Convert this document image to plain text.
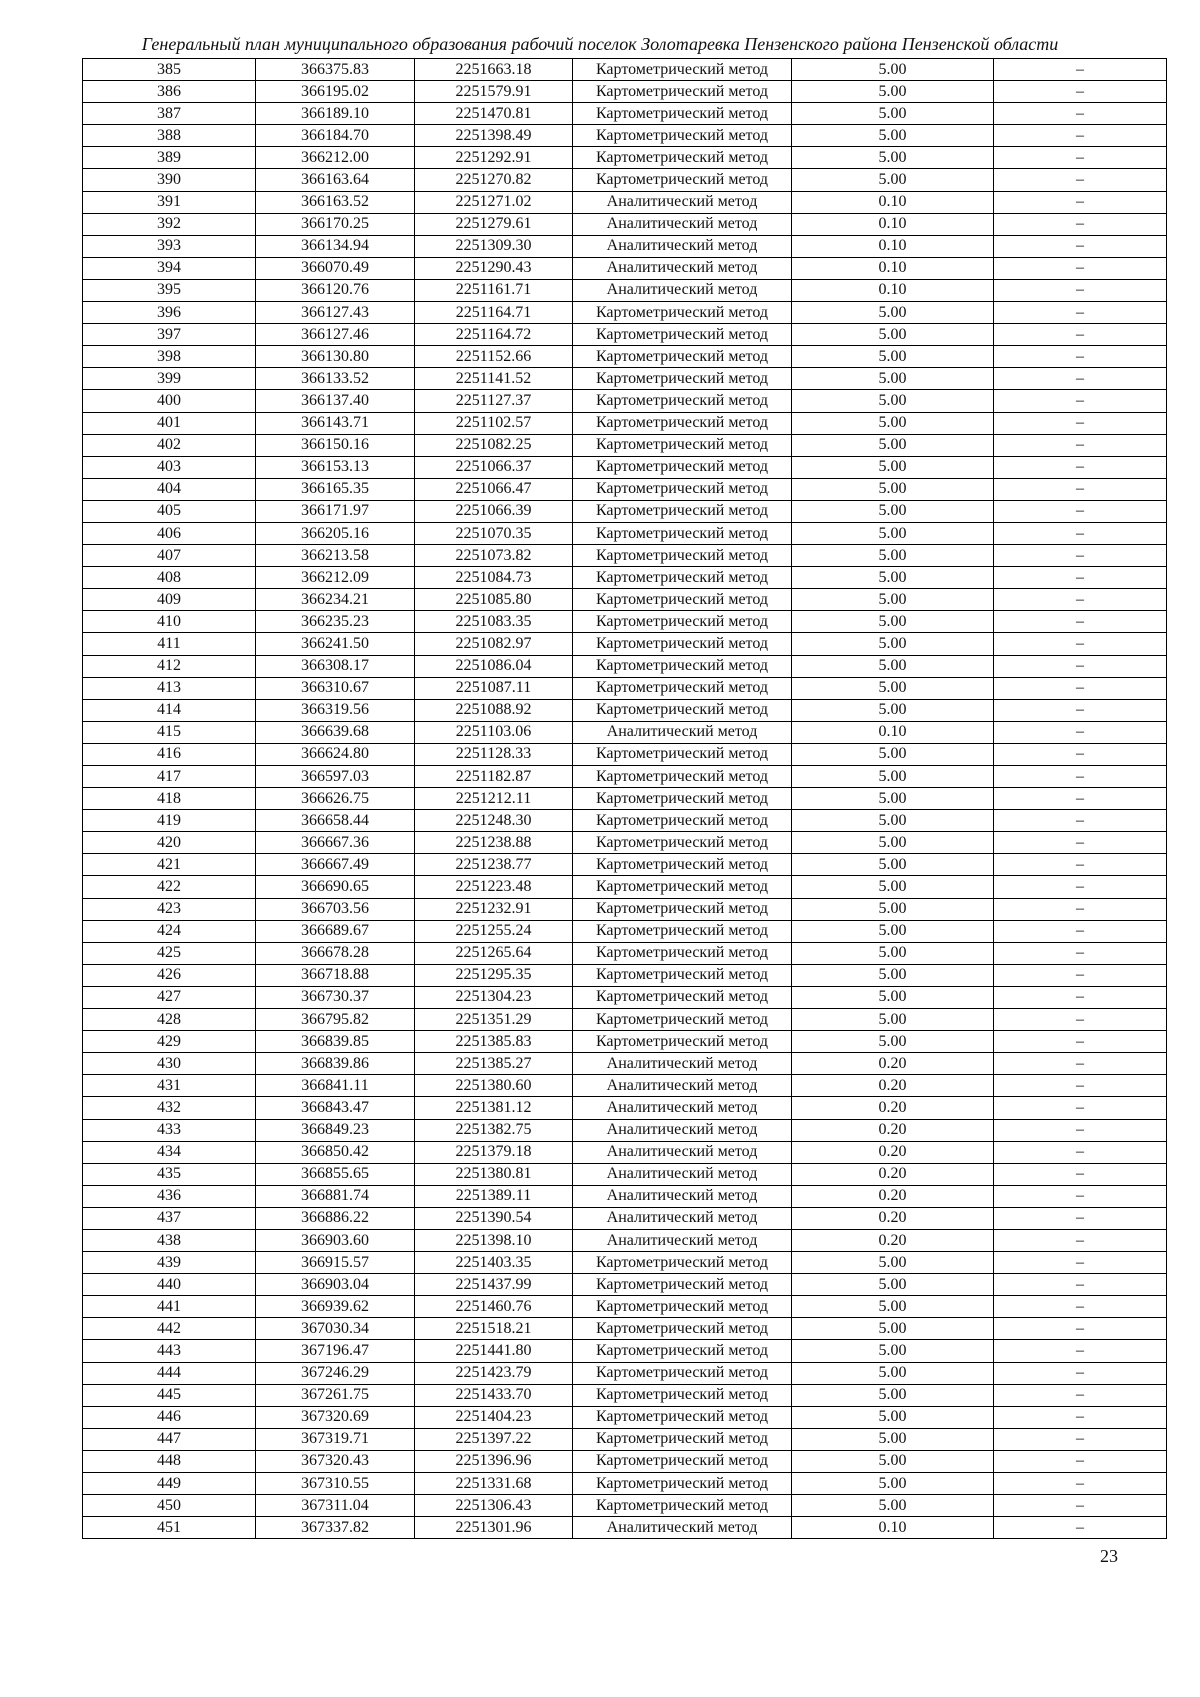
Генеральный план муниципального образования рабочий поселок Золотаревка Пензенского района Пензенской области
385	366375.83	2251663.18	Картометрический метод	5.00	–
386	366195.02	2251579.91	Картометрический метод	5.00	–
387	366189.10	2251470.81	Картометрический метод	5.00	–
388	366184.70	2251398.49	Картометрический метод	5.00	–
389	366212.00	2251292.91	Картометрический метод	5.00	–
390	366163.64	2251270.82	Картометрический метод	5.00	–
391	366163.52	2251271.02	Аналитический метод	0.10	–
392	366170.25	2251279.61	Аналитический метод	0.10	–
393	366134.94	2251309.30	Аналитический метод	0.10	–
394	366070.49	2251290.43	Аналитический метод	0.10	–
395	366120.76	2251161.71	Аналитический метод	0.10	–
396	366127.43	2251164.71	Картометрический метод	5.00	–
397	366127.46	2251164.72	Картометрический метод	5.00	–
398	366130.80	2251152.66	Картометрический метод	5.00	–
399	366133.52	2251141.52	Картометрический метод	5.00	–
400	366137.40	2251127.37	Картометрический метод	5.00	–
401	366143.71	2251102.57	Картометрический метод	5.00	–
402	366150.16	2251082.25	Картометрический метод	5.00	–
403	366153.13	2251066.37	Картометрический метод	5.00	–
404	366165.35	2251066.47	Картометрический метод	5.00	–
405	366171.97	2251066.39	Картометрический метод	5.00	–
406	366205.16	2251070.35	Картометрический метод	5.00	–
407	366213.58	2251073.82	Картометрический метод	5.00	–
408	366212.09	2251084.73	Картометрический метод	5.00	–
409	366234.21	2251085.80	Картометрический метод	5.00	–
410	366235.23	2251083.35	Картометрический метод	5.00	–
411	366241.50	2251082.97	Картометрический метод	5.00	–
412	366308.17	2251086.04	Картометрический метод	5.00	–
413	366310.67	2251087.11	Картометрический метод	5.00	–
414	366319.56	2251088.92	Картометрический метод	5.00	–
415	366639.68	2251103.06	Аналитический метод	0.10	–
416	366624.80	2251128.33	Картометрический метод	5.00	–
417	366597.03	2251182.87	Картометрический метод	5.00	–
418	366626.75	2251212.11	Картометрический метод	5.00	–
419	366658.44	2251248.30	Картометрический метод	5.00	–
420	366667.36	2251238.88	Картометрический метод	5.00	–
421	366667.49	2251238.77	Картометрический метод	5.00	–
422	366690.65	2251223.48	Картометрический метод	5.00	–
423	366703.56	2251232.91	Картометрический метод	5.00	–
424	366689.67	2251255.24	Картометрический метод	5.00	–
425	366678.28	2251265.64	Картометрический метод	5.00	–
426	366718.88	2251295.35	Картометрический метод	5.00	–
427	366730.37	2251304.23	Картометрический метод	5.00	–
428	366795.82	2251351.29	Картометрический метод	5.00	–
429	366839.85	2251385.83	Картометрический метод	5.00	–
430	366839.86	2251385.27	Аналитический метод	0.20	–
431	366841.11	2251380.60	Аналитический метод	0.20	–
432	366843.47	2251381.12	Аналитический метод	0.20	–
433	366849.23	2251382.75	Аналитический метод	0.20	–
434	366850.42	2251379.18	Аналитический метод	0.20	–
435	366855.65	2251380.81	Аналитический метод	0.20	–
436	366881.74	2251389.11	Аналитический метод	0.20	–
437	366886.22	2251390.54	Аналитический метод	0.20	–
438	366903.60	2251398.10	Аналитический метод	0.20	–
439	366915.57	2251403.35	Картометрический метод	5.00	–
440	366903.04	2251437.99	Картометрический метод	5.00	–
441	366939.62	2251460.76	Картометрический метод	5.00	–
442	367030.34	2251518.21	Картометрический метод	5.00	–
443	367196.47	2251441.80	Картометрический метод	5.00	–
444	367246.29	2251423.79	Картометрический метод	5.00	–
445	367261.75	2251433.70	Картометрический метод	5.00	–
446	367320.69	2251404.23	Картометрический метод	5.00	–
447	367319.71	2251397.22	Картометрический метод	5.00	–
448	367320.43	2251396.96	Картометрический метод	5.00	–
449	367310.55	2251331.68	Картометрический метод	5.00	–
450	367311.04	2251306.43	Картометрический метод	5.00	–
451	367337.82	2251301.96	Аналитический метод	0.10	–
23
